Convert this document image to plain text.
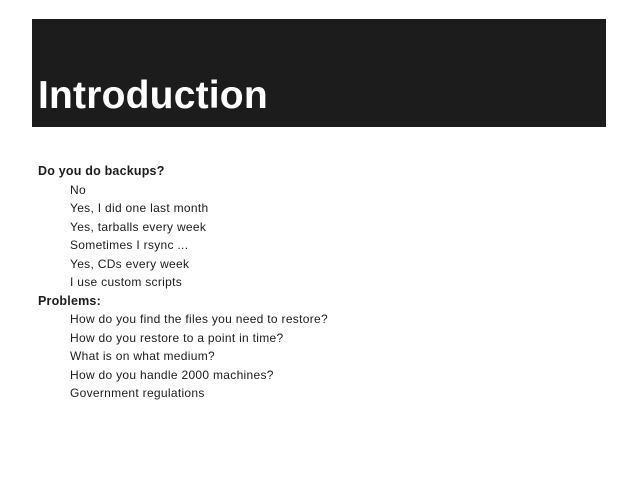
Introduction

Do you do backups?

No
Yes, I did one last month
Yes, tarballs every week
Sometimes I rsync ...
Yes, CDs every week
I use custom scripts

Problems:

How do you find the files you need to restore?
How do you restore to a point in time?
What is on what medium?
How do you handle 2000 machines?
Government regulations
